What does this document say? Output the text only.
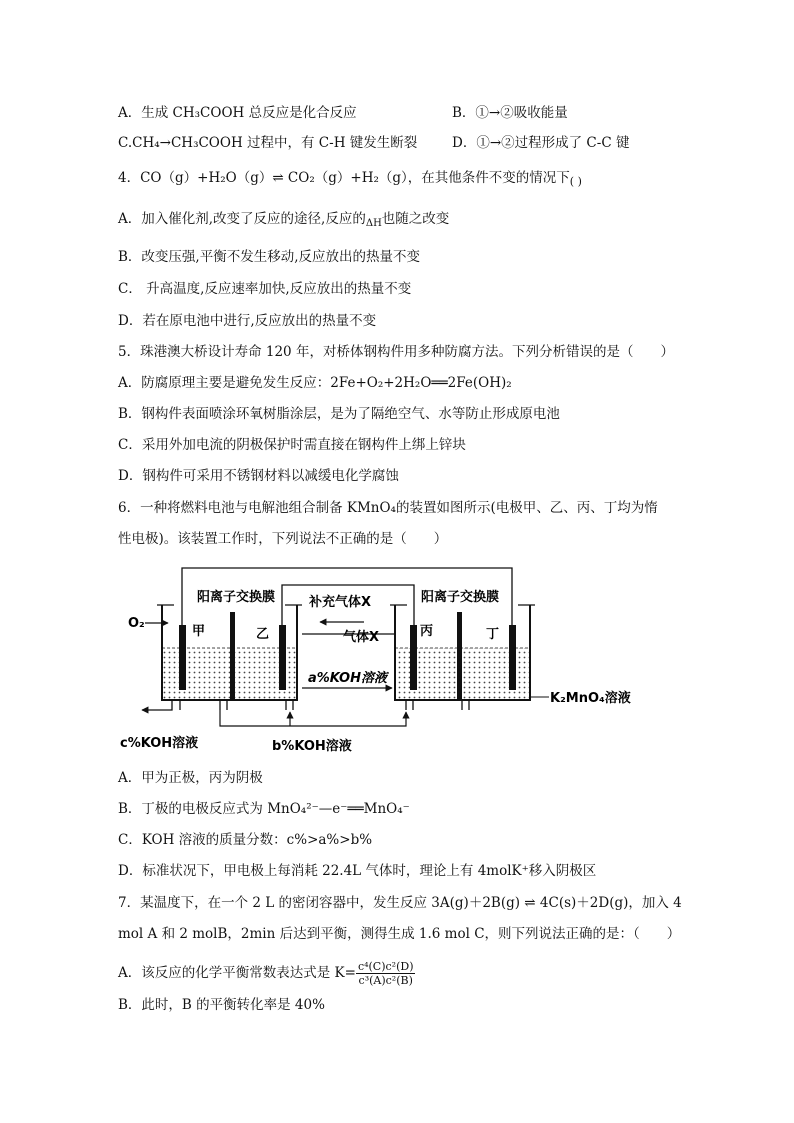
A．生成 CH₃COOH 总反应是化合反应	B．①→②吸收能量
C.CH₄→CH₃COOH 过程中，有 C-H 键发生断裂	D．①→②过程形成了 C-C 键
4．CO（g）+H₂O（g）⇌ CO₂（g）+H₂（g），在其他条件不变的情况下$_{( )}$
A．加入催化剂,改变了反应的途径,反应的$_{\Delta H}$也随之改变
B．改变压强,平衡不发生移动,反应放出的热量不变
C． 升高温度,反应速率加快,反应放出的热量不变
D．若在原电池中进行,反应放出的热量不变
5．珠港澳大桥设计寿命 120 年，对桥体钢构件用多种防腐方法。下列分析错误的是（　　）
A．防腐原理主要是避免发生反应：2Fe+O₂+2H₂O══2Fe(OH)₂
B．钢构件表面喷涂环氧树脂涂层，是为了隔绝空气、水等防止形成原电池
C．采用外加电流的阴极保护时需直接在钢构件上绑上锌块
D．钢构件可采用不锈钢材料以减缓电化学腐蚀
6．一种将燃料电池与电解池组合制备 KMnO₄的装置如图所示(电极甲、乙、丙、丁均为惰
性电极)。该装置工作时，下列说法不正确的是（　　）
阳离子交换膜	阳离子交换膜
O₂
甲	乙	丙	丁
补充气体X
气体X
a%KOH溶液
c%KOH溶液	b%KOH溶液
K₂MnO₄溶液
A．甲为正极，丙为阴极
B．丁极的电极反应式为 MnO₄²⁻—e⁻══MnO₄⁻
C．KOH 溶液的质量分数：c%>a%>b%
D．标准状况下，甲电极上每消耗 22.4L 气体时，理论上有 4molK⁺移入阴极区
7．某温度下，在一个 2 L 的密闭容器中，发生反应 3A(g)＋2B(g) ⇌ 4C(s)＋2D(g)，加入 4
mol A 和 2 molB，2min 后达到平衡，测得生成 1.6 mol C，则下列说法正确的是：（　　）
A．该反应的化学平衡常数表达式是 $K= \frac{\text{c⁴(C)c²(D)}}{\text{c³(A)c²(B)}}$
B．此时，B 的平衡转化率是 40%
